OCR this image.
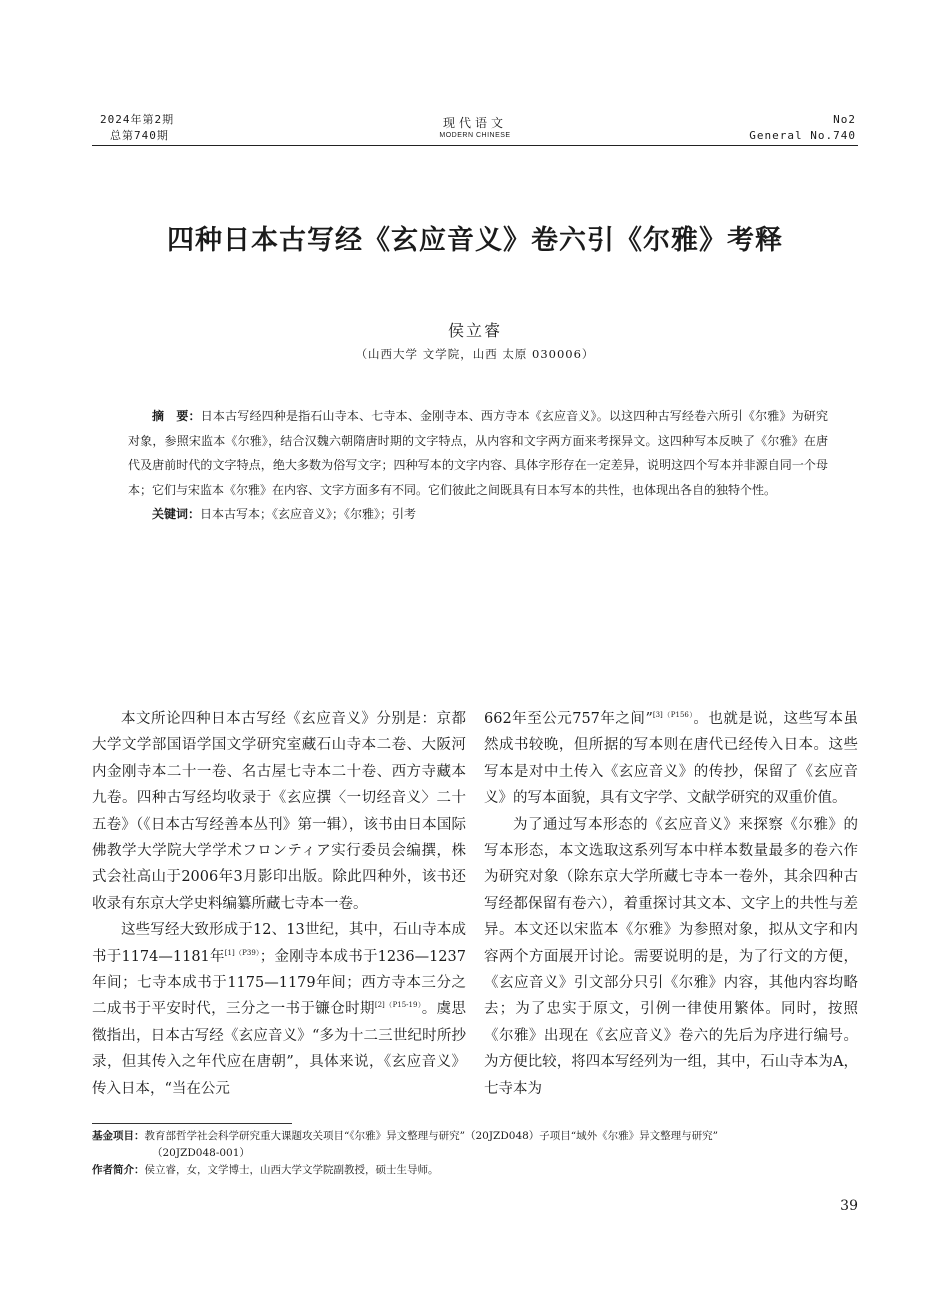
2024年第2期
总第740期
现代语文
MODERN CHINESE
No2
General No.740
四种日本古写经《玄应音义》卷六引《尔雅》考释
侯立睿
（山西大学 文学院，山西 太原 030006）

摘　要：日本古写经四种是指石山寺本、七寺本、金刚寺本、西方寺本《玄应音义》。以这四种古写经卷六所引《尔雅》为研究对象，参照宋监本《尔雅》，结合汉魏六朝隋唐时期的文字特点，从内容和文字两方面来考探异文。这四种写本反映了《尔雅》在唐代及唐前时代的文字特点，绝大多数为俗写文字；四种写本的文字内容、具体字形存在一定差异，说明这四个写本并非源自同一个母本；它们与宋监本《尔雅》在内容、文字方面多有不同。它们彼此之间既具有日本写本的共性，也体现出各自的独特个性。

关键词：日本古写本；《玄应音义》；《尔雅》；引考

本文所论四种日本古写经《玄应音义》分别是：京都大学文学部国语学国文学研究室藏石山寺本二卷、大阪河内金刚寺本二十一卷、名古屋七寺本二十卷、西方寺藏本九卷。四种古写经均收录于《玄应撰〈一切经音义〉二十五卷》（《日本古写经善本丛刊》第一辑），该书由日本国际佛教学大学院大学学术フロンティア实行委员会编撰，株式会社高山于2006年3月影印出版。除此四种外，该书还收录有东京大学史料编纂所藏七寺本一卷。

这些写经大致形成于12、13世纪，其中，石山寺本成书于1174—1181年$^{[1](P39)}$；金刚寺本成书于1236—1237年间；七寺本成书于1175—1179年间；西方寺本三分之二成书于平安时代，三分之一书于镰仓时期$^{[2](P15-19)}$。虞思徵指出，日本古写经《玄应音义》“多为十二三世纪时所抄录，但其传入之年代应在唐朝”，具体来说，《玄应音义》传入日本，“当在公元

662年至公元757年之间”$^{[3](P156)}$。也就是说，这些写本虽然成书较晚，但所据的写本则在唐代已经传入日本。这些写本是对中土传入《玄应音义》的传抄，保留了《玄应音义》的写本面貌，具有文字学、文献学研究的双重价值。

为了通过写本形态的《玄应音义》来探察《尔雅》的写本形态，本文选取这系列写本中样本数量最多的卷六作为研究对象（除东京大学所藏七寺本一卷外，其余四种古写经都保留有卷六），着重探讨其文本、文字上的共性与差异。本文还以宋监本《尔雅》为参照对象，拟从文字和内容两个方面展开讨论。需要说明的是，为了行文的方便，《玄应音义》引文部分只引《尔雅》内容，其他内容均略去；为了忠实于原文，引例一律使用繁体。同时，按照《尔雅》出现在《玄应音义》卷六的先后为序进行编号。为方便比较，将四本写经列为一组，其中，石山寺本为A，七寺本为

基金项目：教育部哲学社会科学研究重大课题攻关项目“《尔雅》异文整理与研究”（20JZD048）子项目“域外《尔雅》异文整理与研究”

（20JZD048-001）

作者简介：侯立睿，女，文学博士，山西大学文学院副教授，硕士生导师。

39
